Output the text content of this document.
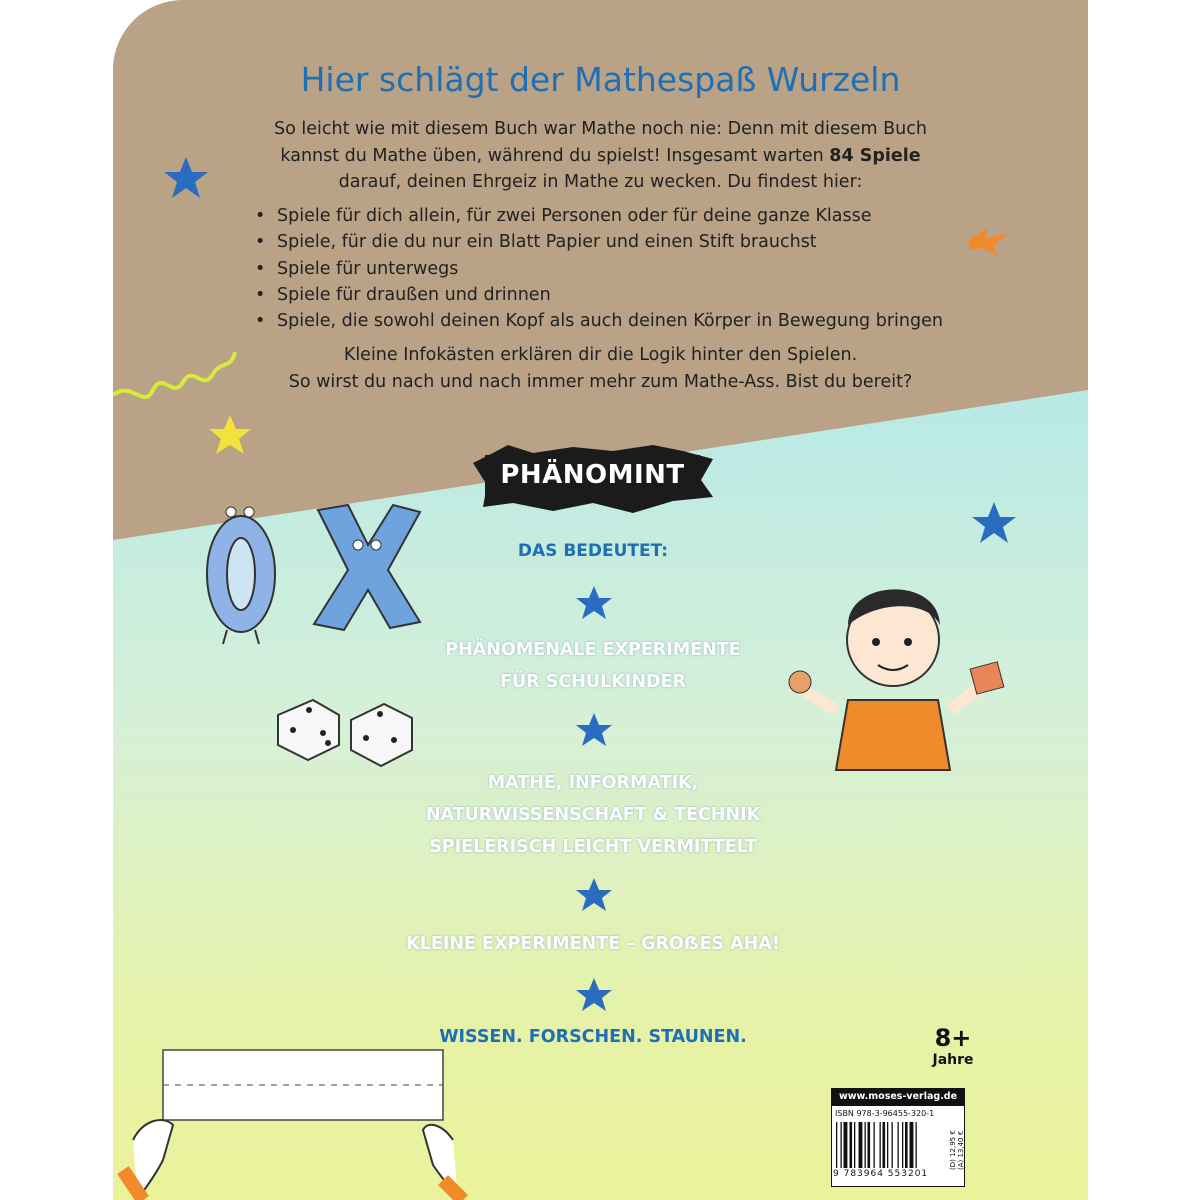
Hier schlägt der Mathespaß Wurzeln
So leicht wie mit diesem Buch war Mathe noch nie: Denn mit diesem Buch
kannst du Mathe üben, während du spielst! Insgesamt warten 84 Spiele
darauf, deinen Ehrgeiz in Mathe zu wecken. Du findest hier:
• Spiele für dich allein, für zwei Personen oder für deine ganze Klasse
• Spiele, für die du nur ein Blatt Papier und einen Stift brauchst
• Spiele für unterwegs
• Spiele für draußen und drinnen
• Spiele, die sowohl deinen Kopf als auch deinen Körper in Bewegung bringen
Kleine Infokästen erklären dir die Logik hinter den Spielen.
So wirst du nach und nach immer mehr zum Mathe-Ass. Bist du bereit?
PHÄNOMINT
DAS BEDEUTET:
PHÄNOMENALE EXPERIMENTE
FÜR SCHULKINDER
MATHE, INFORMATIK,
NATURWISSENSCHAFT & TECHNIK
SPIELERISCH LEICHT VERMITTELT
KLEINE EXPERIMENTE – GROẞES AHA!
WISSEN. FORSCHEN. STAUNEN.	8+
Jahre
www.moses-verlag.de
ISBN 978-3-96455-320-1
9 783964 553201
(D) 12,95 € (A) 13,40 €
